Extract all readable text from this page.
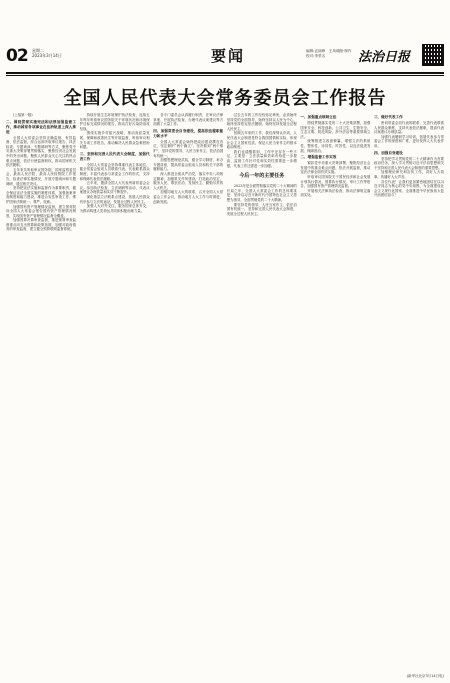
02 星期二
2023年3月14日	要闻	编辑:孟丽珍　王凤瑜版·制作
校对:李景名	法治日报
全国人民代表大会常务委员会工作报告

(上接第一版)

二、围绕贯彻实施宪法和法律加强监督工作，推动国家各项事业在法治轨道上深入推进

全国人大常委会坚持正确监督、有效监督、依法监督，综合运用听取审议报告、执法检查、专题询问、专题调研等方式，聚焦党中央重大决策部署贯彻落实，聚焦经济社会发展中的突出问题，聚焦人民群众关心关注的热点难点问题，依法行使监督职权，推动国家机关依法履职。

五年来共听取审议国务院、国家监察委员会、最高人民法院、最高人民检察院工作报告，检查法律实施情况，开展专题询问和专题调研，通过相关决议。

坚持把宪法实施和监督作为重要职责，健全保证宪法全面实施的制度体系，加强备案审查制度和能力建设，推进合宪性审查工作，维护国家法制统一、尊严、权威。

加强国有资产管理情况监督，建立国务院向全国人大常委会报告国有资产管理情况制度，实现国有资产管理情况监督全覆盖。

加强预算决算审查监督，推进预算审查监督重点向支出预算和政策拓展，加强对政府债务的审查监督，建立健全预算联网监督系统。

持续开展生态环境保护执法检查，连续五年每年听取审议国务院关于环境状况和环境保护目标完成情况的报告，推动打好污染防治攻坚战。

围绕实施乡村振兴战略、推动高质量发展、保障和改善民生等开展监督，听取审议相关专项工作报告，推动解决人民群众急难愁盼问题。

三、坚持和完善人民代表大会制度，加强代表工作

全国人大常委会坚持尊重代表主体地位，健全常委会组成人员联系代表、代表联系群众制度，丰富代表参与常委会工作的形式，支持和保障代表依法履职。

五年来，邀请全国人大代表列席常委会会议，参加执法检查、立法调研等活动，代表议案建议办理质量和实效不断提升。

深化基层立法联系点建设，拓展人民群众有序参与立法的途径，发展全过程人民民主。

加强人大对外交往，服务国家总体外交，为推动构建人类命运共同体积极贡献力量。

各专门委员会认真履行职责，在审议法律草案、开展执法检查、办理代表议案建议等方面做了大量工作。

四、加强常委会自身建设，提高依法履职能力和水平

全国人大常委会始终把政治建设摆在首位，坚定拥护“两个确立”、坚决做到“两个维护”，坚持党的领导、人民当家作主、依法治国有机统一。

加强思想理论武装，健全学习制度，举办专题讲座，提高常委会组成人员和机关干部的履职能力。

深入推进全面从严治党，落实中央八项规定精神，加强机关作风建设，打造政治坚定、服务人民、尊崇法治、发扬民主、勤勉尽责的人大机关。

加强同地方人大的联系，召开全国人大常委会工作会议，推动地方人大工作与时俱进、创新发展。

过去五年的工作经验弥足珍贵，必须始终坚持党的全面领导，始终坚持以人民为中心，始终坚持依宪依法履职，始终坚持发展全过程人民民主。

回顾五年来的工作，我们深刻认识到，人民代表大会制度是符合我国国情和实际、体现社会主义国家性质、保证人民当家作主的根本政治制度。

我们也清醒看到，工作中还存在一些不足，主要是：立法质量和效率有待进一步提高，监督工作针对性和实效性需要进一步增强，代表工作还需进一步加强。

今后一年的主要任务

2023年是全面贯彻落实党的二十大精神的开局之年，全国人大常委会工作的总体要求是：坚持以习近平新时代中国特色社会主义思想为指导，全面贯彻党的二十大精神。

要坚持党的领导、人民当家作主、依法治国有机统一，坚持和完善人民代表大会制度，发展全过程人民民主。

一、加强重点领域立法

围绕贯彻落实党的二十大决策部署，加强国家安全、科技创新、公共卫生、生物安全、生态文明、防范风险、涉外法治等重要领域立法。

统筹推进立改废释纂，增强立法的系统性、整体性、协同性、时效性，以良法促进发展、保障善治。

二、增强监督工作实效

紧扣党中央重大决策部署，聚焦经济社会发展中的重点难点问题，依法开展监督，推动宪法法律全面有效实施。

听取审议国务院关于国民经济和社会发展计划执行情况、预算执行情况、审计工作等报告，加强国有资产管理情况监督。

开展相关法律执法检查，推动法律规定落到实处。

三、做好代表工作

密切常委会同代表的联系，完善代表联系人民群众制度，支持代表依法履职，提高代表议案建议办理质量。

加强代表履职学习培训，拓展代表参与常委会工作的深度和广度，更好发挥人大代表作用。

四、加强自身建设

坚持把学习贯彻党的二十大精神作为首要政治任务，深入学习贯彻习近平法治思想和关于坚持和完善人民代表大会制度的重要思想。

加强理论研究和宣传工作，讲好人大故事，传播好人大声音。

各位代表！让我们更加紧密地团结在以习近平同志为核心的党中央周围，为全面建设社会主义现代化国家、全面推进中华民族伟大复兴而团结奋斗！

(新华社北京3月14日电)
